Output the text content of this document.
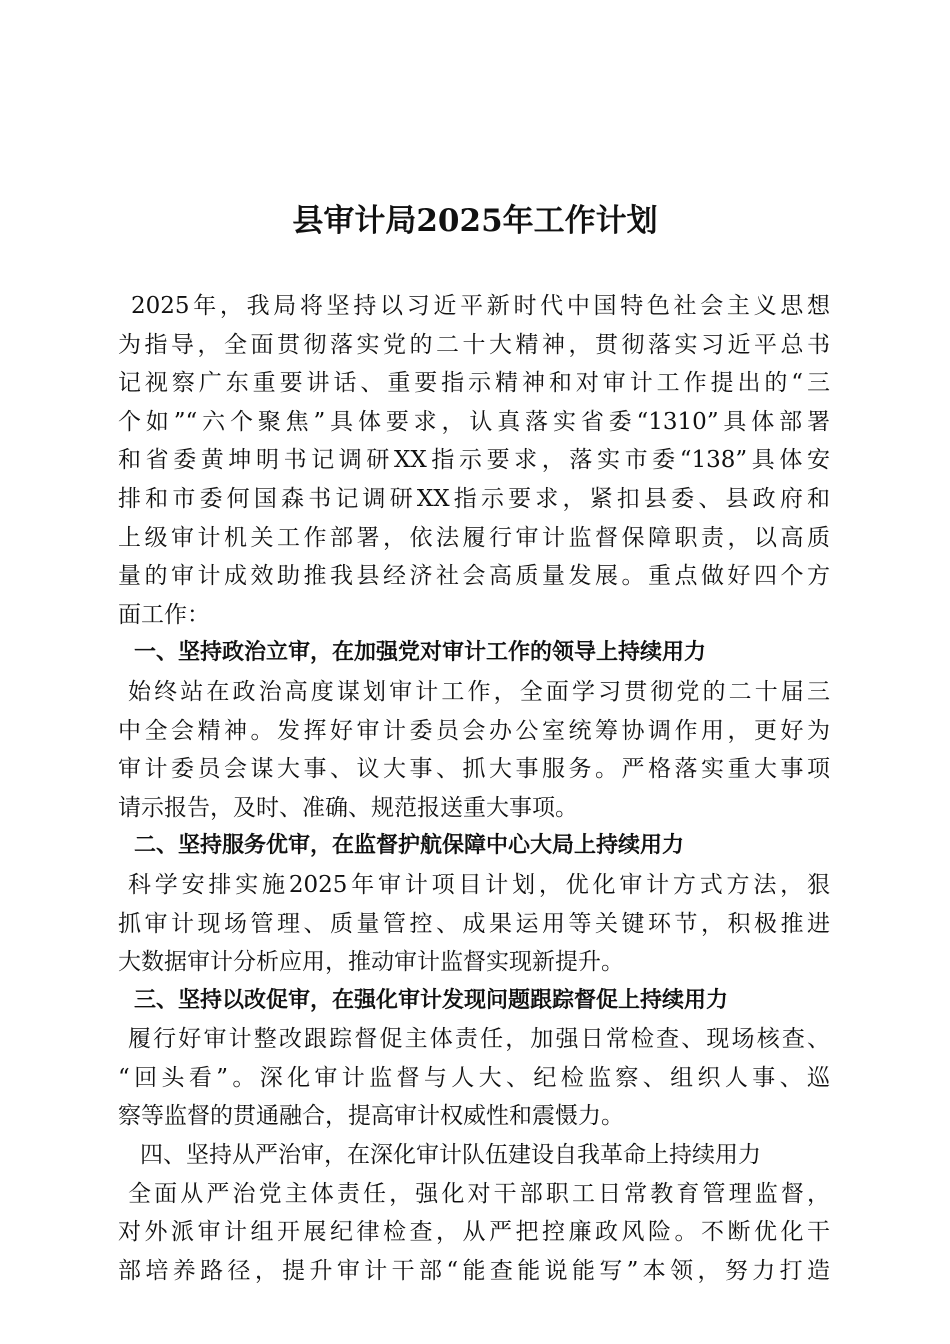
县审计局2025年工作计划
2025年，我局将坚持以习近平新时代中国特色社会主义思想
为指导，全面贯彻落实党的二十大精神，贯彻落实习近平总书
记视察广东重要讲话、重要指示精神和对审计工作提出的“三
个如”“六个聚焦”具体要求，认真落实省委“1310”具体部署
和省委黄坤明书记调研XX指示要求，落实市委“138”具体安
排和市委何国森书记调研XX指示要求，紧扣县委、县政府和
上级审计机关工作部署，依法履行审计监督保障职责，以高质
量的审计成效助推我县经济社会高质量发展。重点做好四个方
面工作：
一、坚持政治立审，在加强党对审计工作的领导上持续用力
始终站在政治高度谋划审计工作，全面学习贯彻党的二十届三
中全会精神。发挥好审计委员会办公室统筹协调作用，更好为
审计委员会谋大事、议大事、抓大事服务。严格落实重大事项
请示报告，及时、准确、规范报送重大事项。
二、坚持服务优审，在监督护航保障中心大局上持续用力
科学安排实施2025年审计项目计划，优化审计方式方法，狠
抓审计现场管理、质量管控、成果运用等关键环节，积极推进
大数据审计分析应用，推动审计监督实现新提升。
三、坚持以改促审，在强化审计发现问题跟踪督促上持续用力
履行好审计整改跟踪督促主体责任，加强日常检查、现场核查、
“回头看”。深化审计监督与人大、纪检监察、组织人事、巡
察等监督的贯通融合，提高审计权威性和震慑力。
四、坚持从严治审，在深化审计队伍建设自我革命上持续用力
全面从严治党主体责任，强化对干部职工日常教育管理监督，
对外派审计组开展纪律检查，从严把控廉政风险。不断优化干
部培养路径，提升审计干部“能查能说能写”本领，努力打造
